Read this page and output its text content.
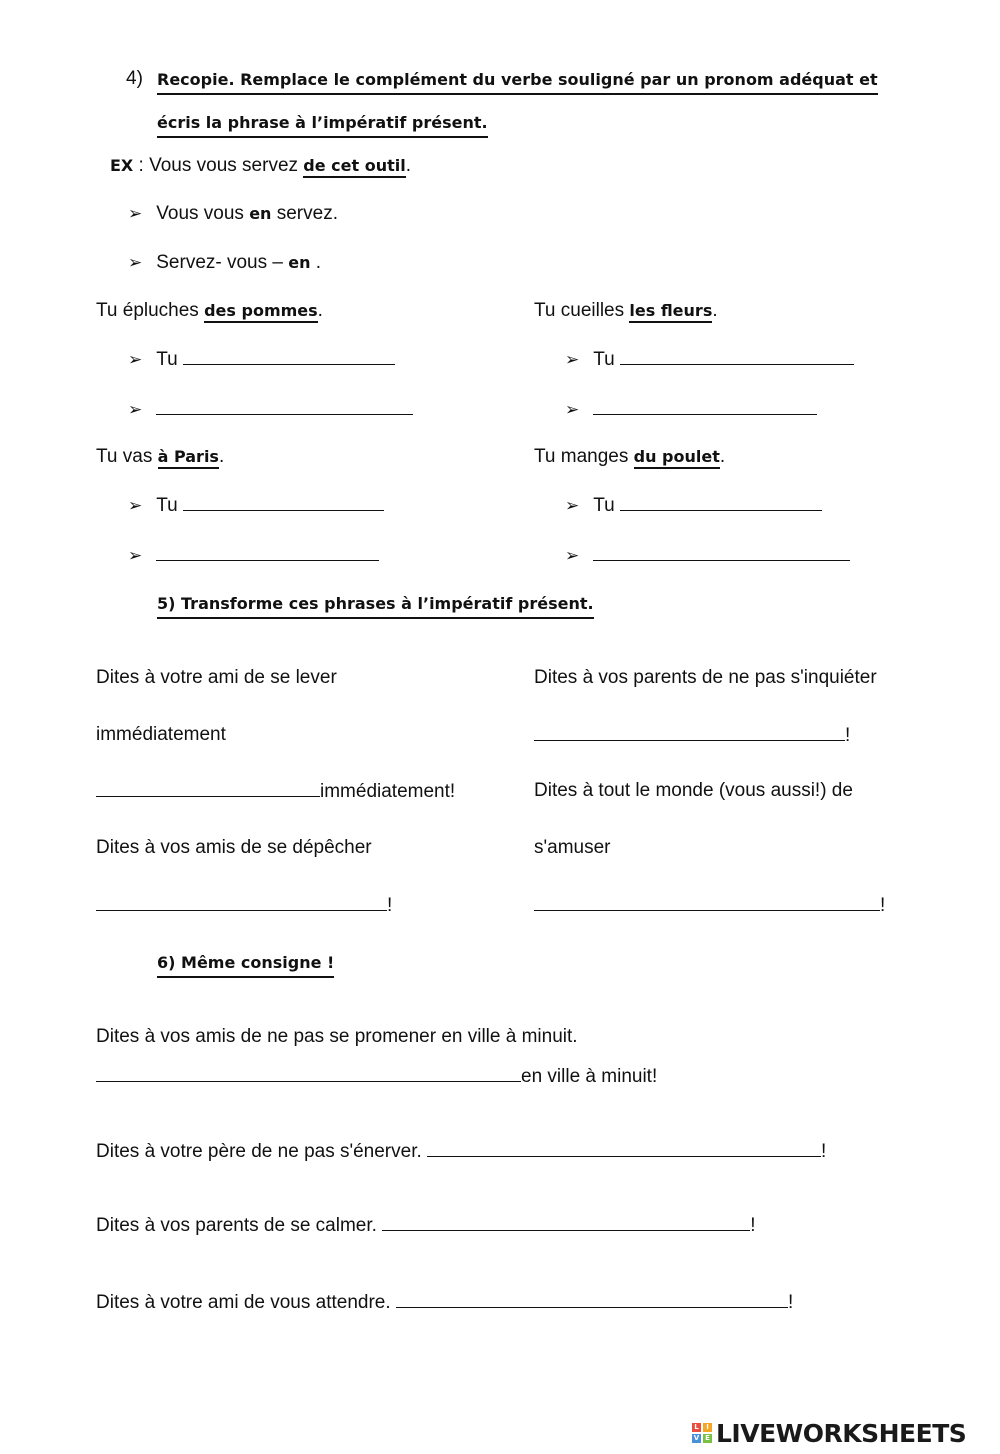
4) Recopie. Remplace le complément du verbe souligné par un pronom adéquat et
écris la phrase à l’impératif présent.
EX : Vous vous servez de cet outil.
➢ Vous vous en servez.
➢ Servez- vous – en .
Tu épluches des pommes.
➢ Tu
➢
Tu cueilles les fleurs.
➢ Tu
➢
Tu vas à Paris.
➢ Tu
➢
Tu manges du poulet.
➢ Tu
➢
5) Transforme ces phrases à l’impératif présent.
Dites à votre ami de se lever
immédiatement
immédiatement!
Dites à vos amis de se dépêcher
!
Dites à vos parents de ne pas s'inquiéter
!
Dites à tout le monde (vous aussi!) de
s'amuser
!
6) Même consigne !
Dites à vos amis de ne pas se promener en ville à minuit.
en ville à minuit!
Dites à votre père de ne pas s'énerver.	!
Dites à vos parents de se calmer.	!
Dites à votre ami de vous attendre.	!
L	I
V E LIVEWORKSHEETS
